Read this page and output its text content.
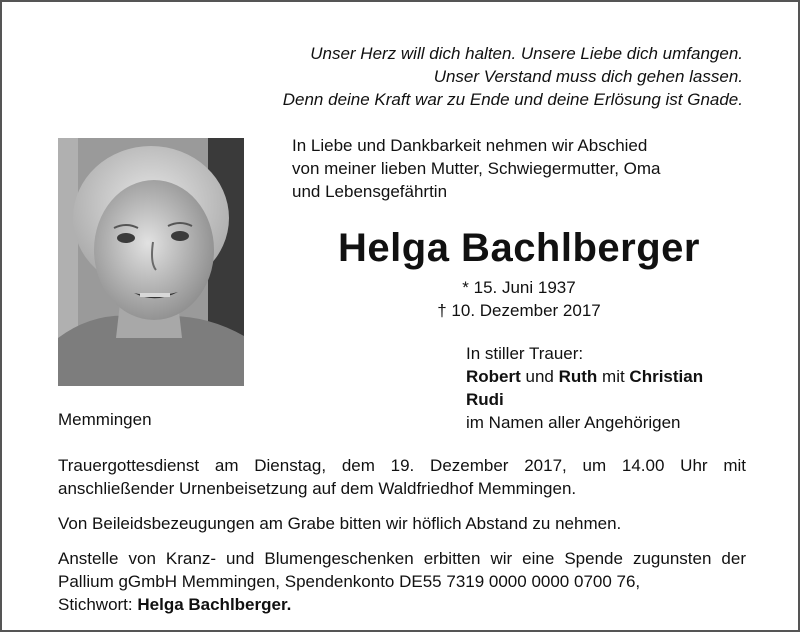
Unser Herz will dich halten. Unsere Liebe dich umfangen.
Unser Verstand muss dich gehen lassen.
Denn deine Kraft war zu Ende und deine Erlösung ist Gnade.
In Liebe und Dankbarkeit nehmen wir Abschied
von meiner lieben Mutter, Schwiegermutter, Oma
und Lebensgefährtin
Helga Bachlberger
* 15. Juni 1937
† 10. Dezember 2017
In stiller Trauer:
Robert und Ruth mit Christian
Rudi
im Namen aller Angehörigen
Memmingen

Trauergottesdienst am Dienstag, dem 19. Dezember 2017, um 14.00 Uhr mit anschließender Urnenbeisetzung auf dem Waldfriedhof Memmingen.

Von Beileidsbezeugungen am Grabe bitten wir höflich Abstand zu nehmen.

Anstelle von Kranz- und Blumengeschenken erbitten wir eine Spende zugunsten der Pallium gGmbH Memmingen, Spendenkonto DE55 7319 0000 0000 0700 76,
Stichwort: Helga Bachlberger.
